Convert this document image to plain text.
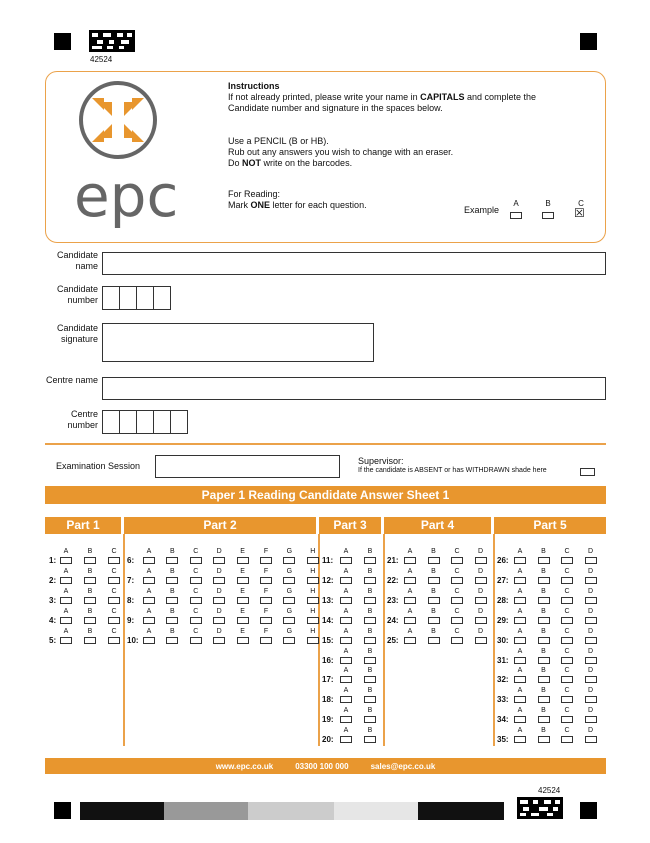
42524
42524
epc
Instructions
If not already printed, please write your name in CAPITALS and complete the
Candidate number and signature in the spaces below.
Use a PENCIL (B or HB).
Rub out any answers you wish to change with an eraser.
Do NOT write on the barcodes.
For Reading:
Mark ONE letter for each question.	Example
A	B	C
☒
Candidate name
Candidate number
Candidate signature
Centre name
Centre number
Examination Session	Supervisor:
If the candidate is ABSENT or has WITHDRAWN shade here
Paper 1 Reading Candidate Answer Sheet 1
Part 1	Part 2	Part 3	Part 4	Part 5
1:
A	B	C
2:
A	B	C
3:
A	B	C
4:
A	B	C
5:
A	B	C
6:
A	B	C	D	E	F	G	H
7:
A	B	C	D	E	F	G	H
8:
A	B	C	D	E	F	G	H
9:
A	B	C	D	E	F	G	H
10:
A	B	C	D	E	F	G	H
11:
A	B
12:
A	B
13:
A	B
14:
A	B
15:
A	B
16:
A	B
17:
A	B
18:
A	B
19:
A	B
20:
A	B
21:
A	B	C	D
22:
A	B	C	D
23:
A	B	C	D
24:
A	B	C	D
25:
A	B	C	D
26:
A	B	C	D
27:
A	B	C	D
28:
A	B	C	D
29:
A	B	C	D
30:
A	B	C	D
31:
A	B	C	D
32:
A	B	C	D
33:
A	B	C	D
34:
A	B	C	D
35:
A	B	C	D
www.epc.co.uk	03300 100 000	sales@epc.co.uk
